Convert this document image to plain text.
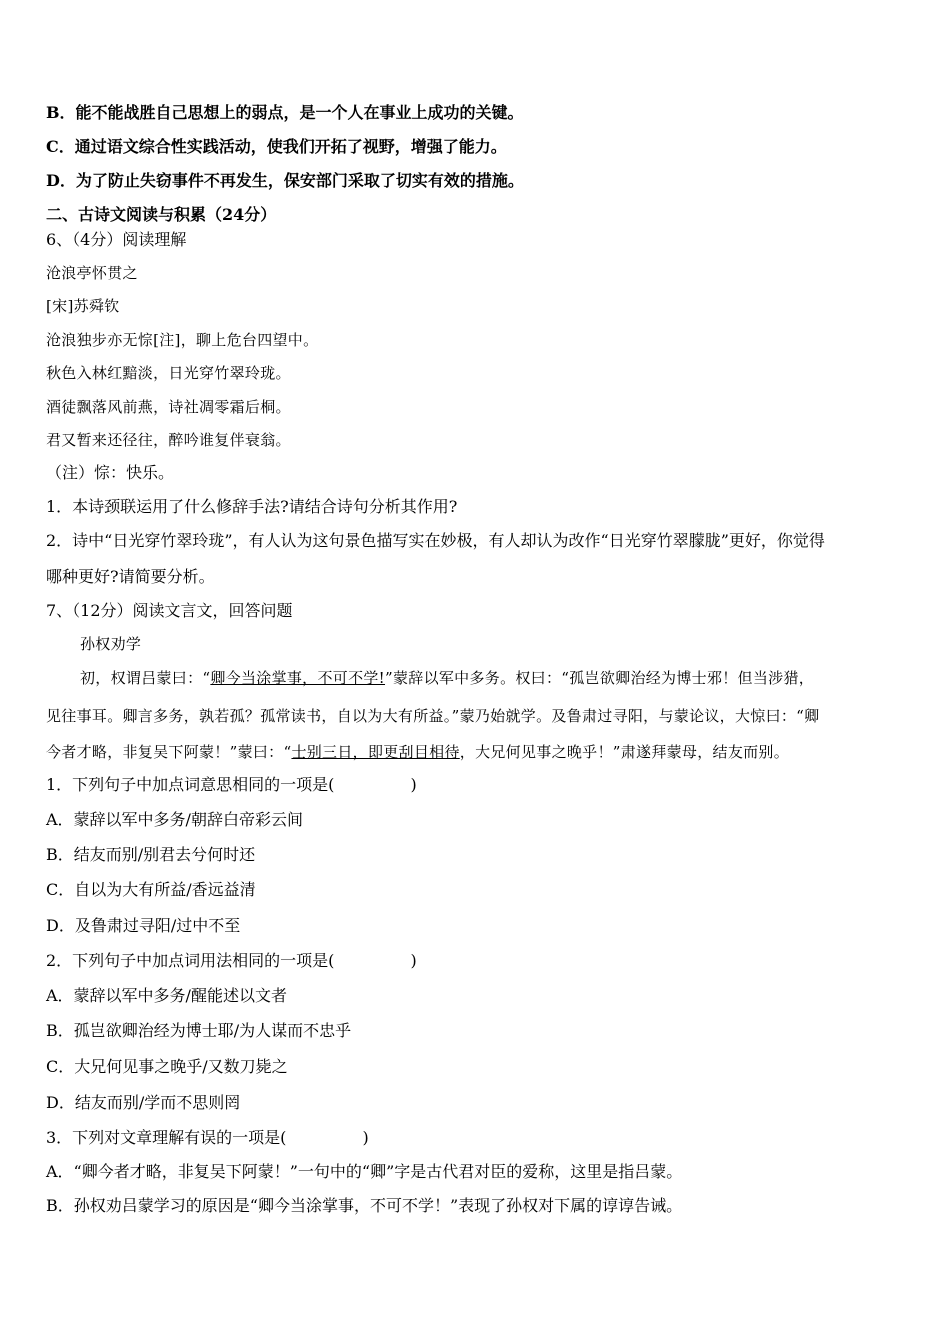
B．能不能战胜自己思想上的弱点，是一个人在事业上成功的关键。
C．通过语文综合性实践活动，使我们开拓了视野，增强了能力。
D．为了防止失窃事件不再发生，保安部门采取了切实有效的措施。
二、古诗文阅读与积累（24分）
6、（4分）阅读理解
沧浪亭怀贯之
[宋]苏舜钦
沧浪独步亦无悰[注]，聊上危台四望中。
秋色入林红黯淡，日光穿竹翠玲珑。
酒徒飘落风前燕，诗社凋零霜后桐。
君又暂来还径往，醉吟谁复伴衰翁。
（注）悰：快乐。
1．本诗颈联运用了什么修辞手法?请结合诗句分析其作用?
2．诗中“日光穿竹翠玲珑”，有人认为这句景色描写实在妙极，有人却认为改作“日光穿竹翠朦胧”更好，你觉得
哪种更好?请简要分析。
7、（12分）阅读文言文，回答问题
孙权劝学
初，权谓吕蒙曰：“卿今当涂掌事，不可不学!”蒙辞以军中多务。权曰：“孤岂欲卿治经为博士邪！但当涉猎，
见往事耳。卿言多务，孰若孤？孤常读书，自以为大有所益。”蒙乃始就学。及鲁肃过寻阳，与蒙论议，大惊曰：“卿
今者才略，非复吴下阿蒙！”蒙曰：“士别三日，即更刮目相待，大兄何见事之晚乎！”肃遂拜蒙母，结友而别。
1．下列句子中加点词意思相同的一项是(	)
A．蒙辞以军中多务/朝辞白帝彩云间
B．结友而别/别君去兮何时还
C．自以为大有所益/香远益清
D．及鲁肃过寻阳/过中不至
2．下列句子中加点词用法相同的一项是(	)
A．蒙辞以军中多务/醒能述以文者
B．孤岂欲卿治经为博士耶/为人谋而不忠乎
C．大兄何见事之晚乎/又数刀毙之
D．结友而别/学而不思则罔
3．下列对文章理解有误的一项是(	)
A．“卿今者才略，非复吴下阿蒙！”一句中的“卿”字是古代君对臣的爱称，这里是指吕蒙。
B．孙权劝吕蒙学习的原因是“卿今当涂掌事，不可不学！”表现了孙权对下属的谆谆告诫。
